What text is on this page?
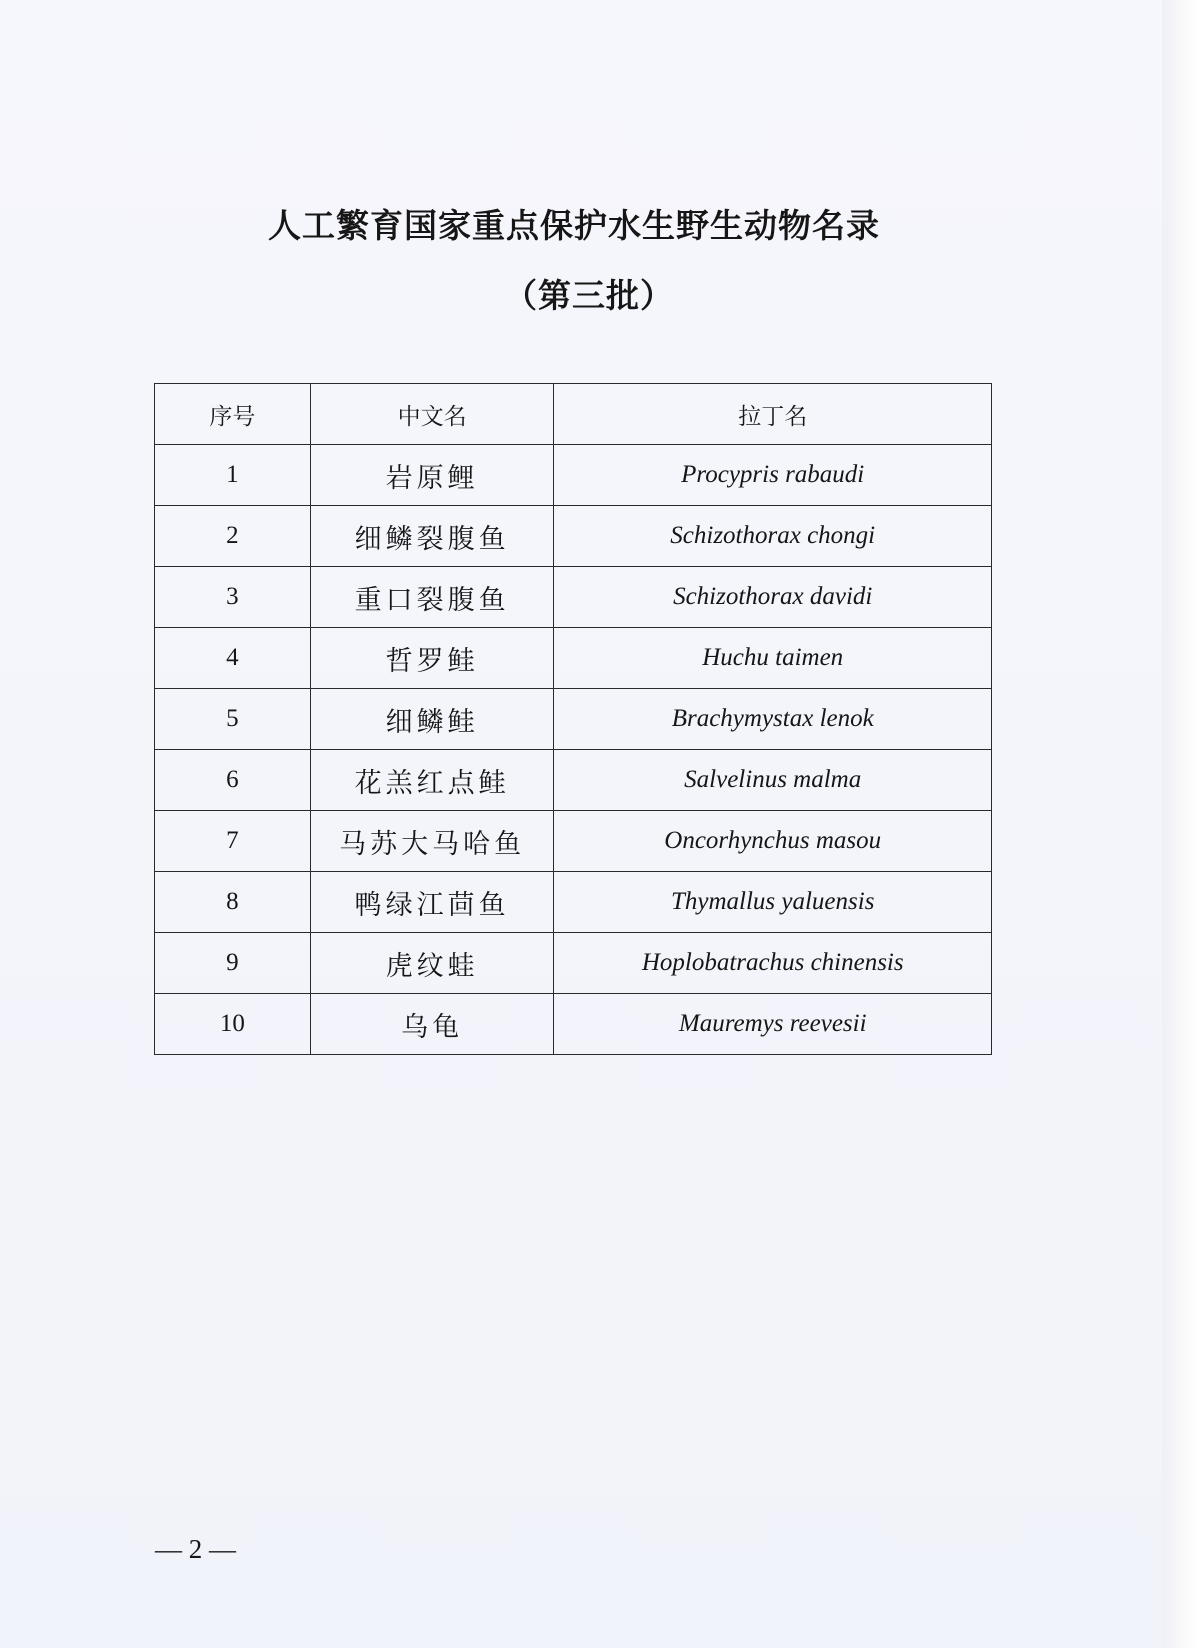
人工繁育国家重点保护水生野生动物名录
（第三批）
序号	中文名	拉丁名
1	岩原鲤	Procypris rabaudi
2	细鳞裂腹鱼	Schizothorax chongi
3	重口裂腹鱼	Schizothorax davidi
4	哲罗鲑	Huchu taimen
5	细鳞鲑	Brachymystax lenok
6	花羔红点鲑	Salvelinus malma
7	马苏大马哈鱼	Oncorhynchus masou
8	鸭绿江茴鱼	Thymallus yaluensis
9	虎纹蛙	Hoplobatrachus chinensis
10	乌龟	Mauremys reevesii
— 2 —
